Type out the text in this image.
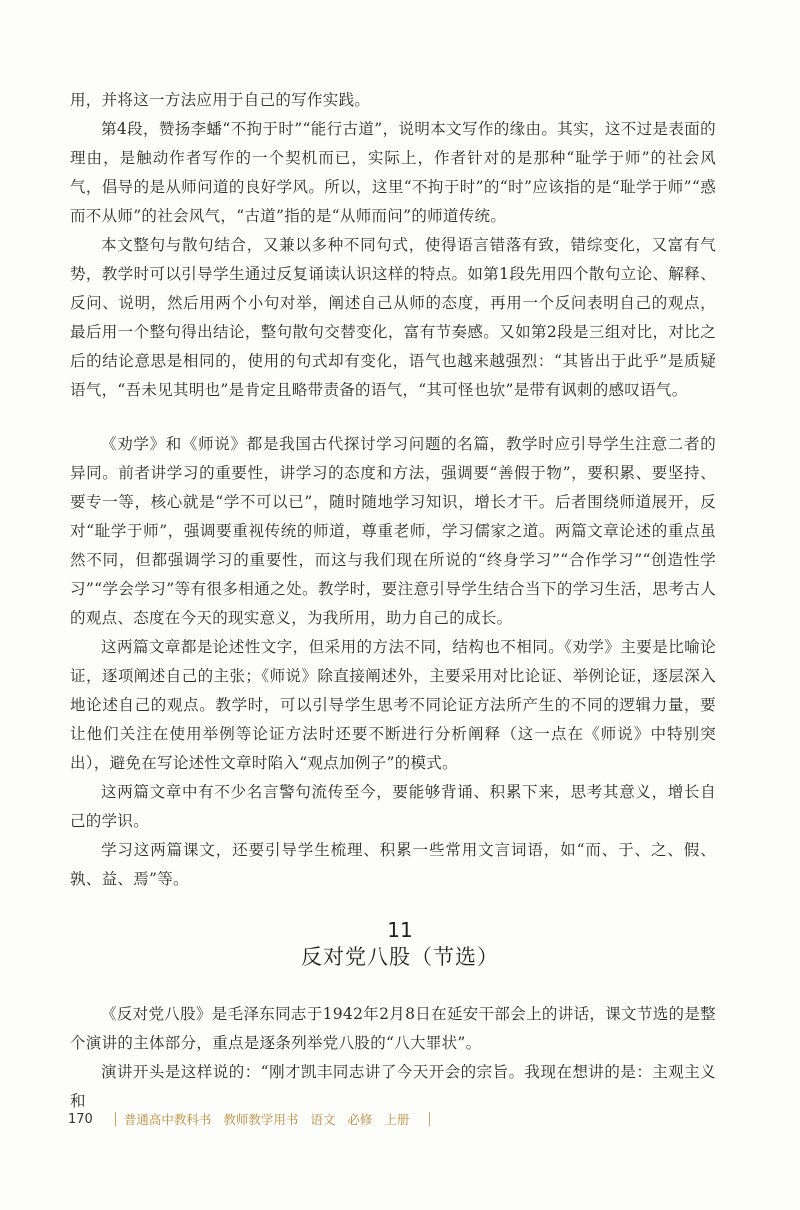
用，并将这一方法应用于自己的写作实践。

第4段，赞扬李蟠“不拘于时”“能行古道”，说明本文写作的缘由。其实，这不过是表面的理由，是触动作者写作的一个契机而已，实际上，作者针对的是那种“耻学于师”的社会风气，倡导的是从师问道的良好学风。所以，这里“不拘于时”的“时”应该指的是“耻学于师”“惑而不从师”的社会风气，“古道”指的是“从师而问”的师道传统。

本文整句与散句结合，又兼以多种不同句式，使得语言错落有致，错综变化，又富有气势，教学时可以引导学生通过反复诵读认识这样的特点。如第1段先用四个散句立论、解释、反问、说明，然后用两个小句对举，阐述自己从师的态度，再用一个反问表明自己的观点，最后用一个整句得出结论，整句散句交替变化，富有节奏感。又如第2段是三组对比，对比之后的结论意思是相同的，使用的句式却有变化，语气也越来越强烈：“其皆出于此乎”是质疑语气，“吾未见其明也”是肯定且略带责备的语气，“其可怪也欤”是带有讽刺的感叹语气。

《劝学》和《师说》都是我国古代探讨学习问题的名篇，教学时应引导学生注意二者的异同。前者讲学习的重要性，讲学习的态度和方法，强调要“善假于物”，要积累、要坚持、要专一等，核心就是“学不可以已”，随时随地学习知识，增长才干。后者围绕师道展开，反对“耻学于师”，强调要重视传统的师道，尊重老师，学习儒家之道。两篇文章论述的重点虽然不同，但都强调学习的重要性，而这与我们现在所说的“终身学习”“合作学习”“创造性学习”“学会学习”等有很多相通之处。教学时，要注意引导学生结合当下的学习生活，思考古人的观点、态度在今天的现实意义，为我所用，助力自己的成长。

这两篇文章都是论述性文字，但采用的方法不同，结构也不相同。《劝学》主要是比喻论证，逐项阐述自己的主张；《师说》除直接阐述外，主要采用对比论证、举例论证，逐层深入地论述自己的观点。教学时，可以引导学生思考不同论证方法所产生的不同的逻辑力量，要让他们关注在使用举例等论证方法时还要不断进行分析阐释（这一点在《师说》中特别突出），避免在写论述性文章时陷入“观点加例子”的模式。

这两篇文章中有不少名言警句流传至今，要能够背诵、积累下来，思考其意义，增长自己的学识。

学习这两篇课文，还要引导学生梳理、积累一些常用文言词语，如“而、于、之、假、孰、益、焉”等。

11
反对党八股（节选）

《反对党八股》是毛泽东同志于1942年2月8日在延安干部会上的讲话，课文节选的是整个演讲的主体部分，重点是逐条列举党八股的“八大罪状”。

演讲开头是这样说的：“刚才凯丰同志讲了今天开会的宗旨。我现在想讲的是：主观主义和

170 普通高中教科书 教师教学用书 语文 必修 上册
